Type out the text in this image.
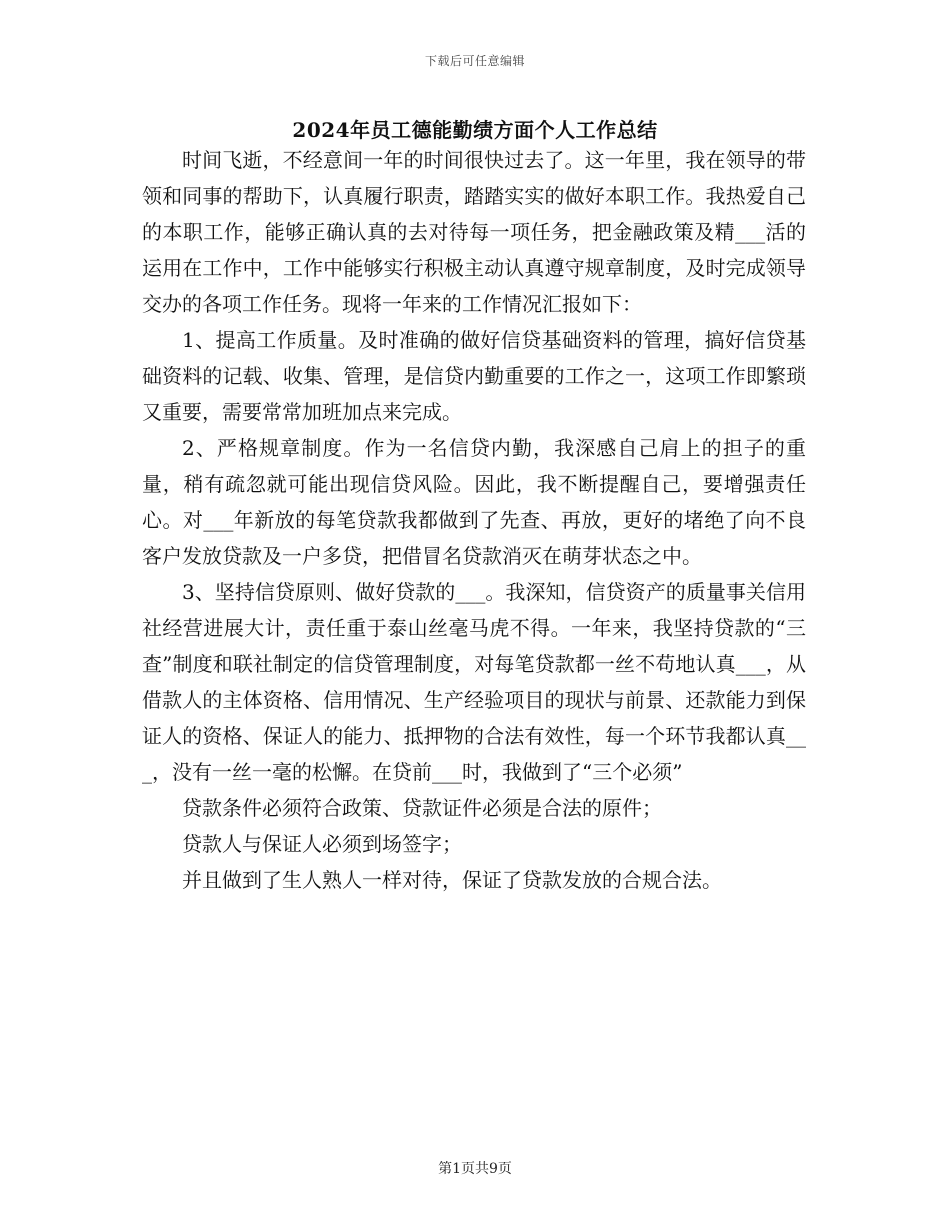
下载后可任意编辑
2024年员工德能勤绩方面个人工作总结

时间飞逝，不经意间一年的时间很快过去了。这一年里，我在领导的带领和同事的帮助下，认真履行职责，踏踏实实的做好本职工作。我热爱自己的本职工作，能够正确认真的去对待每一项任务，把金融政策及精___活的运用在工作中，工作中能够实行积极主动认真遵守规章制度，及时完成领导交办的各项工作任务。现将一年来的工作情况汇报如下：

1、提高工作质量。及时准确的做好信贷基础资料的管理，搞好信贷基础资料的记载、收集、管理，是信贷内勤重要的工作之一，这项工作即繁琐又重要，需要常常加班加点来完成。

2、严格规章制度。作为一名信贷内勤，我深感自己肩上的担子的重量，稍有疏忽就可能出现信贷风险。因此，我不断提醒自己，要增强责任心。对___年新放的每笔贷款我都做到了先查、再放，更好的堵绝了向不良客户发放贷款及一户多贷，把借冒名贷款消灭在萌芽状态之中。

3、坚持信贷原则、做好贷款的___。我深知，信贷资产的质量事关信用社经营进展大计，责任重于泰山丝毫马虎不得。一年来，我坚持贷款的“三查”制度和联社制定的信贷管理制度，对每笔贷款都一丝不苟地认真___，从借款人的主体资格、信用情况、生产经验项目的现状与前景、还款能力到保证人的资格、保证人的能力、抵押物的合法有效性，每一个环节我都认真___，没有一丝一毫的松懈。在贷前___时，我做到了“三个必须”

贷款条件必须符合政策、贷款证件必须是合法的原件；

贷款人与保证人必须到场签字；

并且做到了生人熟人一样对待，保证了贷款发放的合规合法。

第1页共9页
